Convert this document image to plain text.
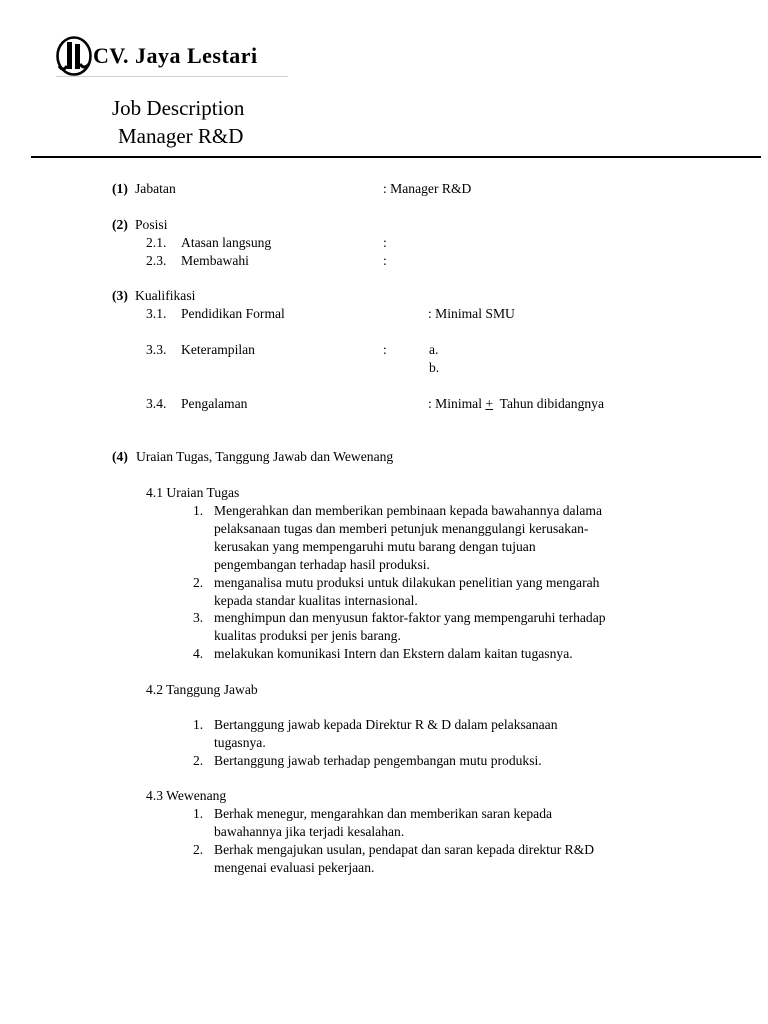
CV. Jaya Lestari
Job Description
Manager R&D
(1) Jabatan	: Manager R&D
(2) Posisi
2.1. Atasan langsung	:
2.3. Membawahi	:
(3) Kualifikasi
3.1. Pendidikan Formal	: Minimal SMU
3.3. Keterampilan	:	a.
b.
3.4. Pengalaman	: Minimal +  Tahun dibidangnya
(4) Uraian Tugas, Tanggung Jawab dan Wewenang
4.1 Uraian Tugas
1. Mengerahkan dan memberikan pembinaan kepada bawahannya dalama
pelaksanaan tugas dan memberi petunjuk menanggulangi kerusakan-
kerusakan yang mempengaruhi mutu barang dengan tujuan
pengembangan terhadap hasil produksi.
2. menganalisa mutu produksi untuk dilakukan penelitian yang mengarah
kepada standar kualitas internasional.
3. menghimpun dan menyusun faktor-faktor yang mempengaruhi terhadap
kualitas produksi per jenis barang.
4. melakukan komunikasi Intern dan Ekstern dalam kaitan tugasnya.
4.2 Tanggung Jawab
1. Bertanggung jawab kepada Direktur R & D dalam pelaksanaan
tugasnya.
2. Bertanggung jawab terhadap pengembangan mutu produksi.
4.3 Wewenang
1. Berhak menegur, mengarahkan dan memberikan saran kepada
bawahannya jika terjadi kesalahan.
2. Berhak mengajukan usulan, pendapat dan saran kepada direktur R&D
mengenai evaluasi pekerjaan.
